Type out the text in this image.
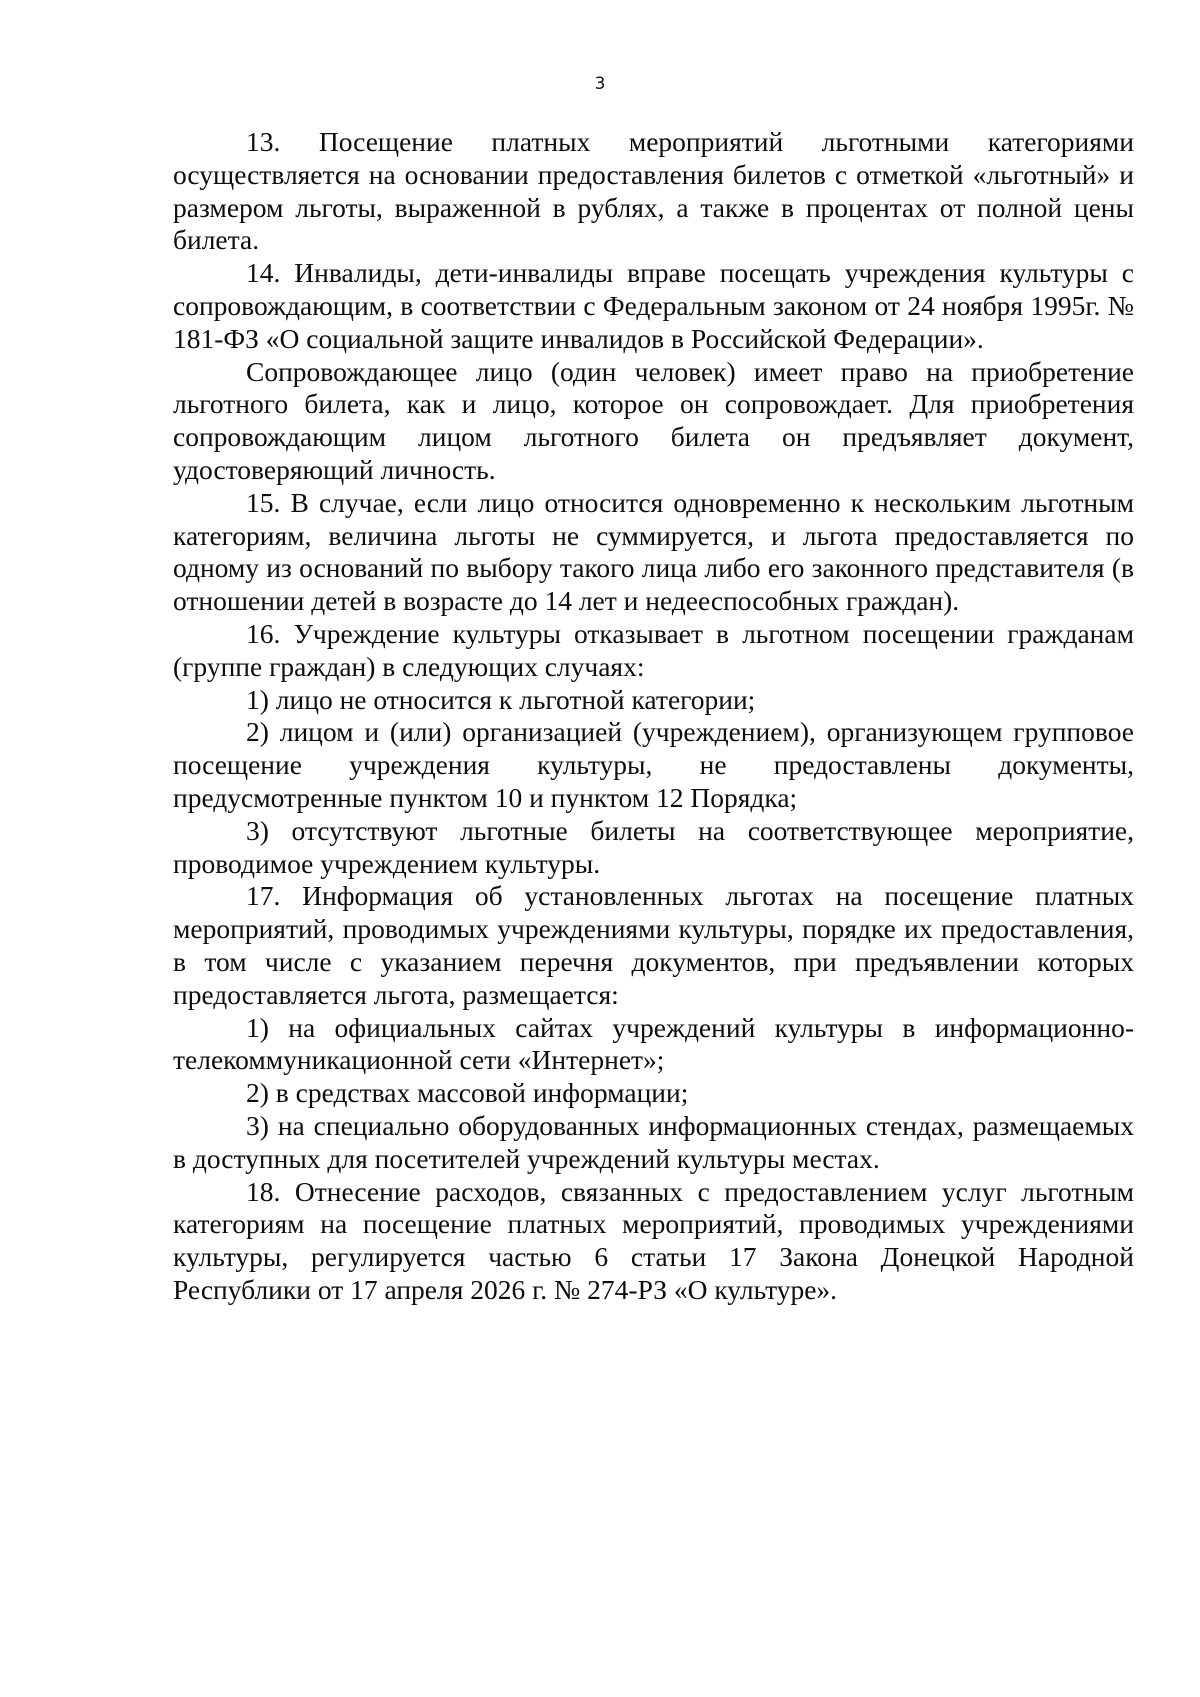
3

13. Посещение платных мероприятий льготными категориями осуществляется на основании предоставления билетов с отметкой «льготный» и размером льготы, выраженной в рублях, а также в процентах от полной цены билета.

14. Инвалиды, дети-инвалиды вправе посещать учреждения культуры с сопровождающим, в соответствии с Федеральным законом от 24 ноября 1995г. № 181-ФЗ «О социальной защите инвалидов в Российской Федерации».

Сопровождающее лицо (один человек) имеет право на приобретение льготного билета, как и лицо, которое он сопровождает. Для приобретения сопровождающим лицом льготного билета он предъявляет документ, удостоверяющий личность.

15. В случае, если лицо относится одновременно к нескольким льготным категориям, величина льготы не суммируется, и льгота предоставляется по одному из оснований по выбору такого лица либо его законного представителя (в отношении детей в возрасте до 14 лет и недееспособных граждан).

16. Учреждение культуры отказывает в льготном посещении гражданам (группе граждан) в следующих случаях:

1) лицо не относится к льготной категории;

2) лицом и (или) организацией (учреждением), организующем групповое посещение учреждения культуры, не предоставлены документы, предусмотренные пунктом 10 и пунктом 12 Порядка;

3) отсутствуют льготные билеты на соответствующее мероприятие, проводимое учреждением культуры.

17. Информация об установленных льготах на посещение платных мероприятий, проводимых учреждениями культуры, порядке их предоставления, в том числе с указанием перечня документов, при предъявлении которых предоставляется льгота, размещается:

1) на официальных сайтах учреждений культуры в информационно-телекоммуникационной сети «Интернет»;

2) в средствах массовой информации;

3) на специально оборудованных информационных стендах, размещаемых в доступных для посетителей учреждений культуры местах.

18. Отнесение расходов, связанных с предоставлением услуг льготным категориям на посещение платных мероприятий, проводимых учреждениями культуры, регулируется частью 6 статьи 17 Закона Донецкой Народной Республики от 17 апреля 2026 г. № 274-РЗ «О культуре».
